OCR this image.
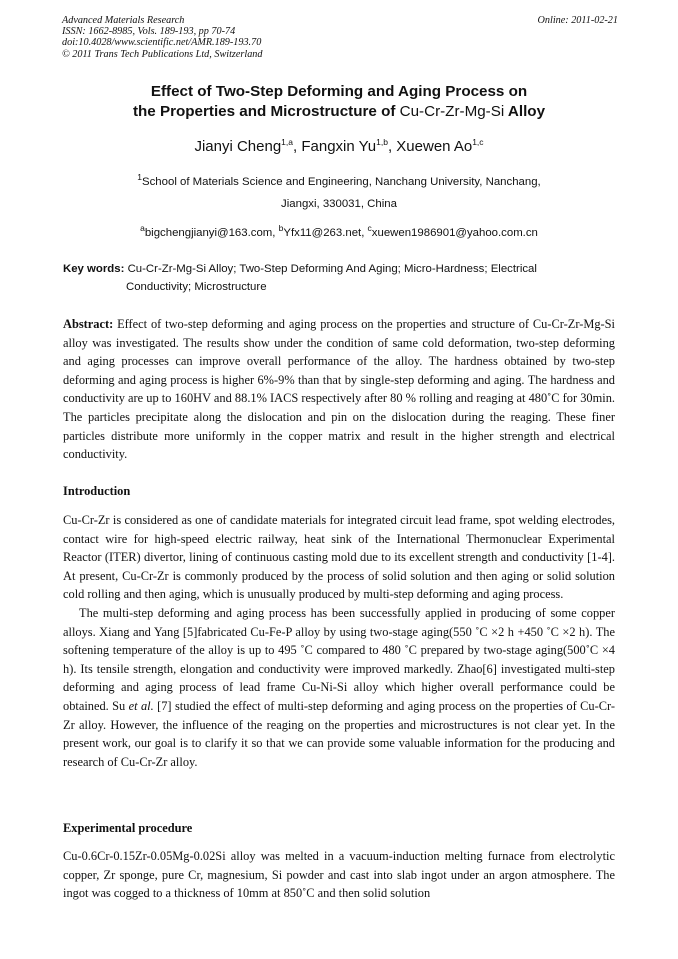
Advanced Materials Research
ISSN: 1662-8985, Vols. 189-193, pp 70-74
doi:10.4028/www.scientific.net/AMR.189-193.70
© 2011 Trans Tech Publications Ltd, Switzerland
Online: 2011-02-21
Effect of Two-Step Deforming and Aging Process on
the Properties and Microstructure of Cu-Cr-Zr-Mg-Si Alloy
Jianyi Cheng$^{1,a}$, Fangxin Yu$^{1,b}$, Xuewen Ao$^{1,c}$
$^1$School of Materials Science and Engineering, Nanchang University, Nanchang,
Jiangxi, 330031, China
$^a$bigchengjianyi@163.com, $^b$Yfx11@263.net, $^c$xuewen1986901@yahoo.com.cn
Key words: Cu-Cr-Zr-Mg-Si Alloy; Two-Step Deforming And Aging; Micro-Hardness; Electrical
Conductivity; Microstructure

Abstract: Effect of two-step deforming and aging process on the properties and structure of Cu-Cr-Zr-Mg-Si alloy was investigated. The results show under the condition of same cold deformation, two-step deforming and aging processes can improve overall performance of the alloy. The hardness obtained by two-step deforming and aging process is higher 6%-9% than that by single-step deforming and aging. The hardness and conductivity are up to 160HV and 88.1% IACS respectively after 80 % rolling and reaging at 480˚C for 30min. The particles precipitate along the dislocation and pin on the dislocation during the reaging. These finer particles distribute more uniformly in the copper matrix and result in the higher strength and electrical conductivity.

Introduction

Cu-Cr-Zr is considered as one of candidate materials for integrated circuit lead frame, spot welding electrodes, contact wire for high-speed electric railway, heat sink of the International Thermonuclear Experimental Reactor (ITER) divertor, lining of continuous casting mold due to its excellent strength and conductivity [1-4]. At present, Cu-Cr-Zr is commonly produced by the process of solid solution and then aging or solid solution cold rolling and then aging, which is unusually produced by multi-step deforming and aging process.

The multi-step deforming and aging process has been successfully applied in producing of some copper alloys. Xiang and Yang [5]fabricated Cu-Fe-P alloy by using two-stage aging(550 ˚C ×2 h +450 ˚C ×2 h). The softening temperature of the alloy is up to 495 ˚C compared to 480 ˚C prepared by two-stage aging(500˚C ×4 h). Its tensile strength, elongation and conductivity were improved markedly. Zhao[6] investigated multi-step deforming and aging process of lead frame Cu-Ni-Si alloy which higher overall performance could be obtained. Su et al. [7] studied the effect of multi-step deforming and aging process on the properties of Cu-Cr-Zr alloy. However, the influence of the reaging on the properties and microstructures is not clear yet. In the present work, our goal is to clarify it so that we can provide some valuable information for the producing and research of Cu-Cr-Zr alloy.

Experimental procedure

Cu-0.6Cr-0.15Zr-0.05Mg-0.02Si alloy was melted in a vacuum-induction melting furnace from electrolytic copper, Zr sponge, pure Cr, magnesium, Si powder and cast into slab ingot under an argon atmosphere. The ingot was cogged to a thickness of 10mm at 850˚C and then solid solution
